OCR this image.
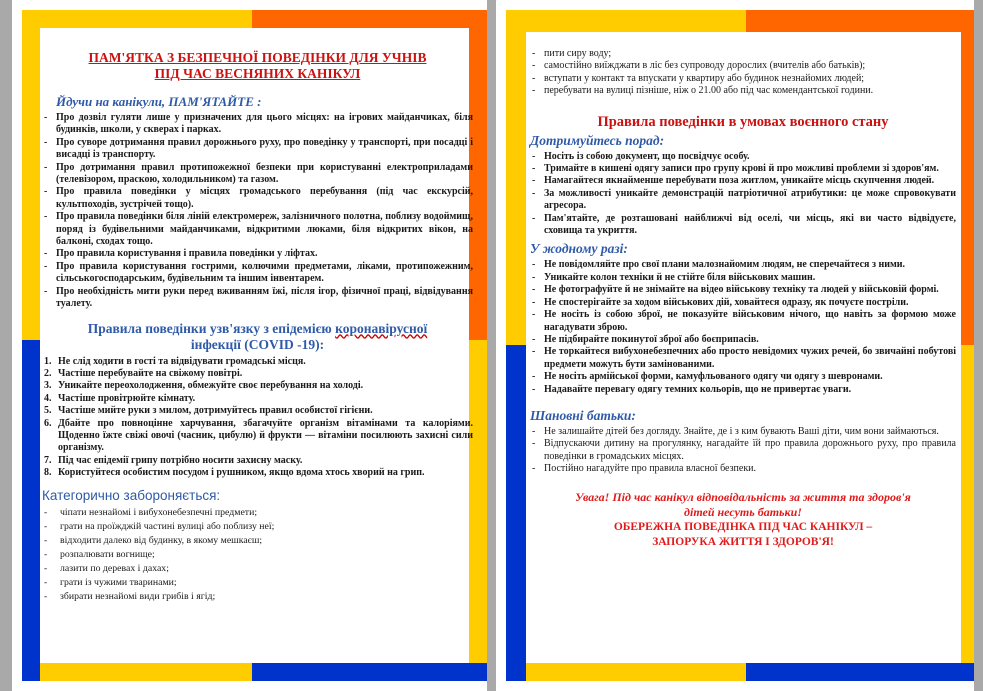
ПАМ'ЯТКА З БЕЗПЕЧНОЇ ПОВЕДІНКИ ДЛЯ УЧНІВ
ПІД ЧАС ВЕСНЯНИХ КАНІКУЛ
Йдучи на канікули, ПАМ'ЯТАЙТЕ :
- Про дозвіл гуляти лише у призначених для цього місцях: на ігрових майданчиках, біля будинків, школи, у скверах і парках.
- Про суворе дотримання правил дорожнього руху, про поведінку у транспорті, при посадці і висадці із транспорту.
- Про дотримання правил протипожежної безпеки при користуванні електроприладами (телевізором, праскою, холодильником) та газом.
- Про правила поведінки у місцях громадського перебування (під час екскурсій, культпоходів, зустрічей тощо).
- Про правила поведінки біля ліній електромереж, залізничного полотна, поблизу водоймищ, поряд із будівельними майданчиками, відкритими люками, біля відкритих вікон, на балконі, сходах тощо.
- Про правила користування і правила поведінки у ліфтах.
- Про правила користування гострими, колючими предметами, ліками, протипожежним, сільськогосподарським, будівельним та іншим інвентарем.
- Про необхідність мити руки перед вживанням їжі, після ігор, фізичної праці, відвідування туалету.
Правила поведінки узв'язку з епідемією коронавірусної
інфекції (COVID -19):
1. Не слід ходити в гості та відвідувати громадські місця.
2. Частіше перебувайте на свіжому повітрі.
3. Уникайте переохолодження, обмежуйте своє перебування на холоді.
4. Частіше провітрюйте кімнату.
5. Частіше мийте руки з милом, дотримуйтесь правил особистої гігієни.
6. Дбайте про повноцінне харчування, збагачуйте організм вітамінами та калоріями. Щоденно їжте свіжі овочі (часник, цибулю) й фрукти — вітаміни посилюють захисні сили організму.
7. Під час епідемії грипу потрібно носити захисну маску.
8. Користуйтеся особистим посудом і рушником, якщо вдома хтось хворий на грип.
Категорично забороняється:
- чіпати незнайомі і вибухонебезпечні предмети;
- грати на проїжджій частині вулиці або поблизу неї;
- відходити далеко від будинку, в якому мешкаєш;
- розпалювати вогнище;
- лазити по деревах і дахах;
- грати із чужими тваринами;
- збирати незнайомі види грибів і ягід;
- пити сиру воду;
- самостійно виїжджати в ліс без супроводу дорослих (вчителів або батьків);
- вступати у контакт та впускати у квартиру або будинок незнайомих людей;
- перебувати на вулиці пізніше, ніж о 21.00 або під час комендантської години.
Правила поведінки в умовах воєнного стану
Дотримуйтесь порад:
- Носіть із собою документ, що посвідчує особу.
- Тримайте в кишені одягу записи про групу крові й про можливі проблеми зі здоров'ям.
- Намагайтеся якнайменше перебувати поза житлом, уникайте місць скупчення людей.
- За можливості уникайте демонстрацій патріотичної атрибутики: це може спровокувати агресора.
- Пам'ятайте, де розташовані найближчі від оселі, чи місць, які ви часто відвідуєте, сховища та укриття.
У жодному разі:
- Не повідомляйте про свої плани малознайомим людям, не сперечайтеся з ними.
- Уникайте колон техніки й не стійте біля військових машин.
- Не фотографуйте й не знімайте на відео військову техніку та людей у військовій формі.
- Не спостерігайте за ходом військових дій, ховайтеся одразу, як почуєте постріли.
- Не носіть із собою зброї, не показуйте військовим нічого, що навіть за формою може нагадувати зброю.
- Не підбирайте покинутої зброї або боєприпасів.
- Не торкайтеся вибухонебезпечних або просто невідомих чужих речей, бо звичайні побутові предмети можуть бути замінованими.
- Не носіть армійської форми, камуфльованого одягу чи одягу з шевронами.
- Надавайте перевагу одягу темних кольорів, що не привертає уваги.
Шановні батьки:
- Не залишайте дітей без догляду. Знайте, де і з ким бувають Ваші діти, чим вони займаються.
- Відпускаючи дитину на прогулянку, нагадайте їй про правила дорожнього руху, про правила поведінки в громадських місцях.
- Постійно нагадуйте про правила власної безпеки.
Увага! Під час канікул відповідальність за життя та здоров'я
дітей несуть батьки!
ОБЕРЕЖНА ПОВЕДІНКА ПІД ЧАС КАНІКУЛ –
ЗАПОРУКА ЖИТТЯ І ЗДОРОВ'Я!
